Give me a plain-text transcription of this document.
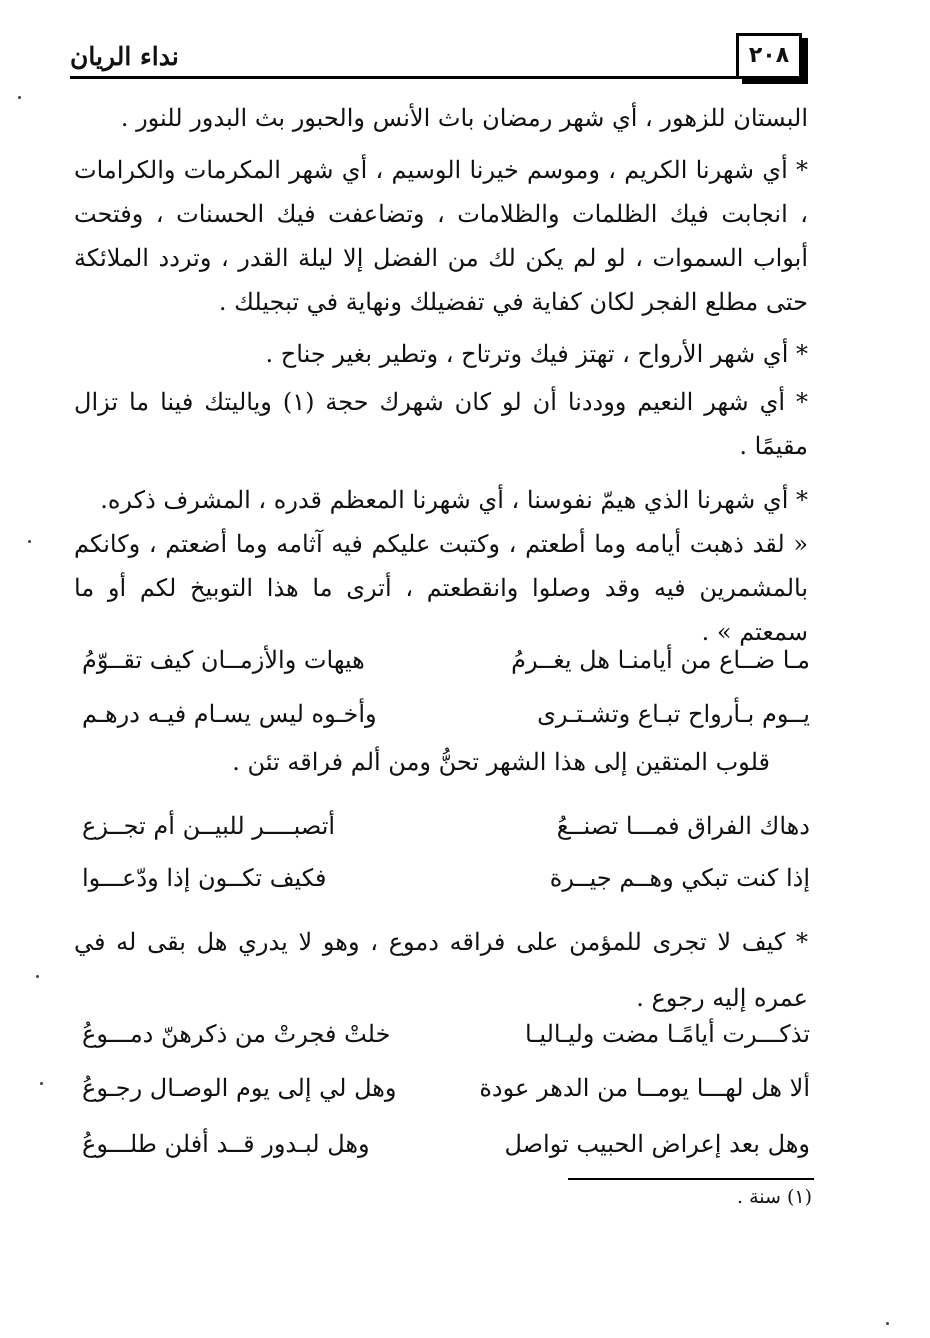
نداء الريان	٢٠٨

البستان للزهور ، أي شهر رمضان باث الأنس والحبور بث البدور للنور .

* أي شهرنا الكريم ، وموسم خيرنا الوسيم ، أي شهر المكرمات والكرامات ، انجابت فيك الظلمات والظلامات ، وتضاعفت فيك الحسنات ، وفتحت أبواب السموات ، لو لم يكن لك من الفضل إلا ليلة القدر ، وتردد الملائكة حتى مطلع الفجر لكان كفاية في تفضيلك ونهاية في تبجيلك .

* أي شهر الأرواح ، تهتز فيك وترتاح ، وتطير بغير جناح .

* أي شهر النعيم ووددنا أن لو كان شهرك حجة (١) وياليتك فينا ما تزال مقيمًا .

* أي شهرنا الذي هيمّ نفوسنا ، أي شهرنا المعظم قدره ، المشرف ذكره.

« لقد ذهبت أيامه وما أطعتم ، وكتبت عليكم فيه آثامه وما أضعتم ، وكانكم بالمشمرين فيه وقد وصلوا وانقطعتم ، أترى ما هذا التوبيخ لكم أو ما سمعتم » .

مـا ضــاع من أيامنـا هل يغــرمُ
هيهات والأزمــان كيف تقــوّمُ
يــوم بـأرواح تبـاع وتشـتـرى
وأخـوه ليس يسـام فيـه درهـم
قلوب المتقين إلى هذا الشهر تحنُّ ومن ألم فراقه تئن .
دهاك الفراق فمـــا تصنــعُ
أتصبــــر للبيــن أم تجــزع
إذا كنت تبكي وهــم جيــرة
فكيف تكــون إذا ودّعـــوا

* كيف لا تجرى للمؤمن على فراقه دموع ، وهو لا يدري هل بقى له في عمره إليه رجوع .

تذكـــرت أيامًـا مضت وليـاليـا
خلتْ فجرتْ من ذكرهنّ دمـــوعُ
ألا هل لهـــا يومــا من الدهر عودة
وهل لي إلى يوم الوصـال رجـوعُ
وهل بعد إعراض الحبيب تواصل
وهل لبـدور قــد أفلن طلـــوعُ
(١) سنة .
